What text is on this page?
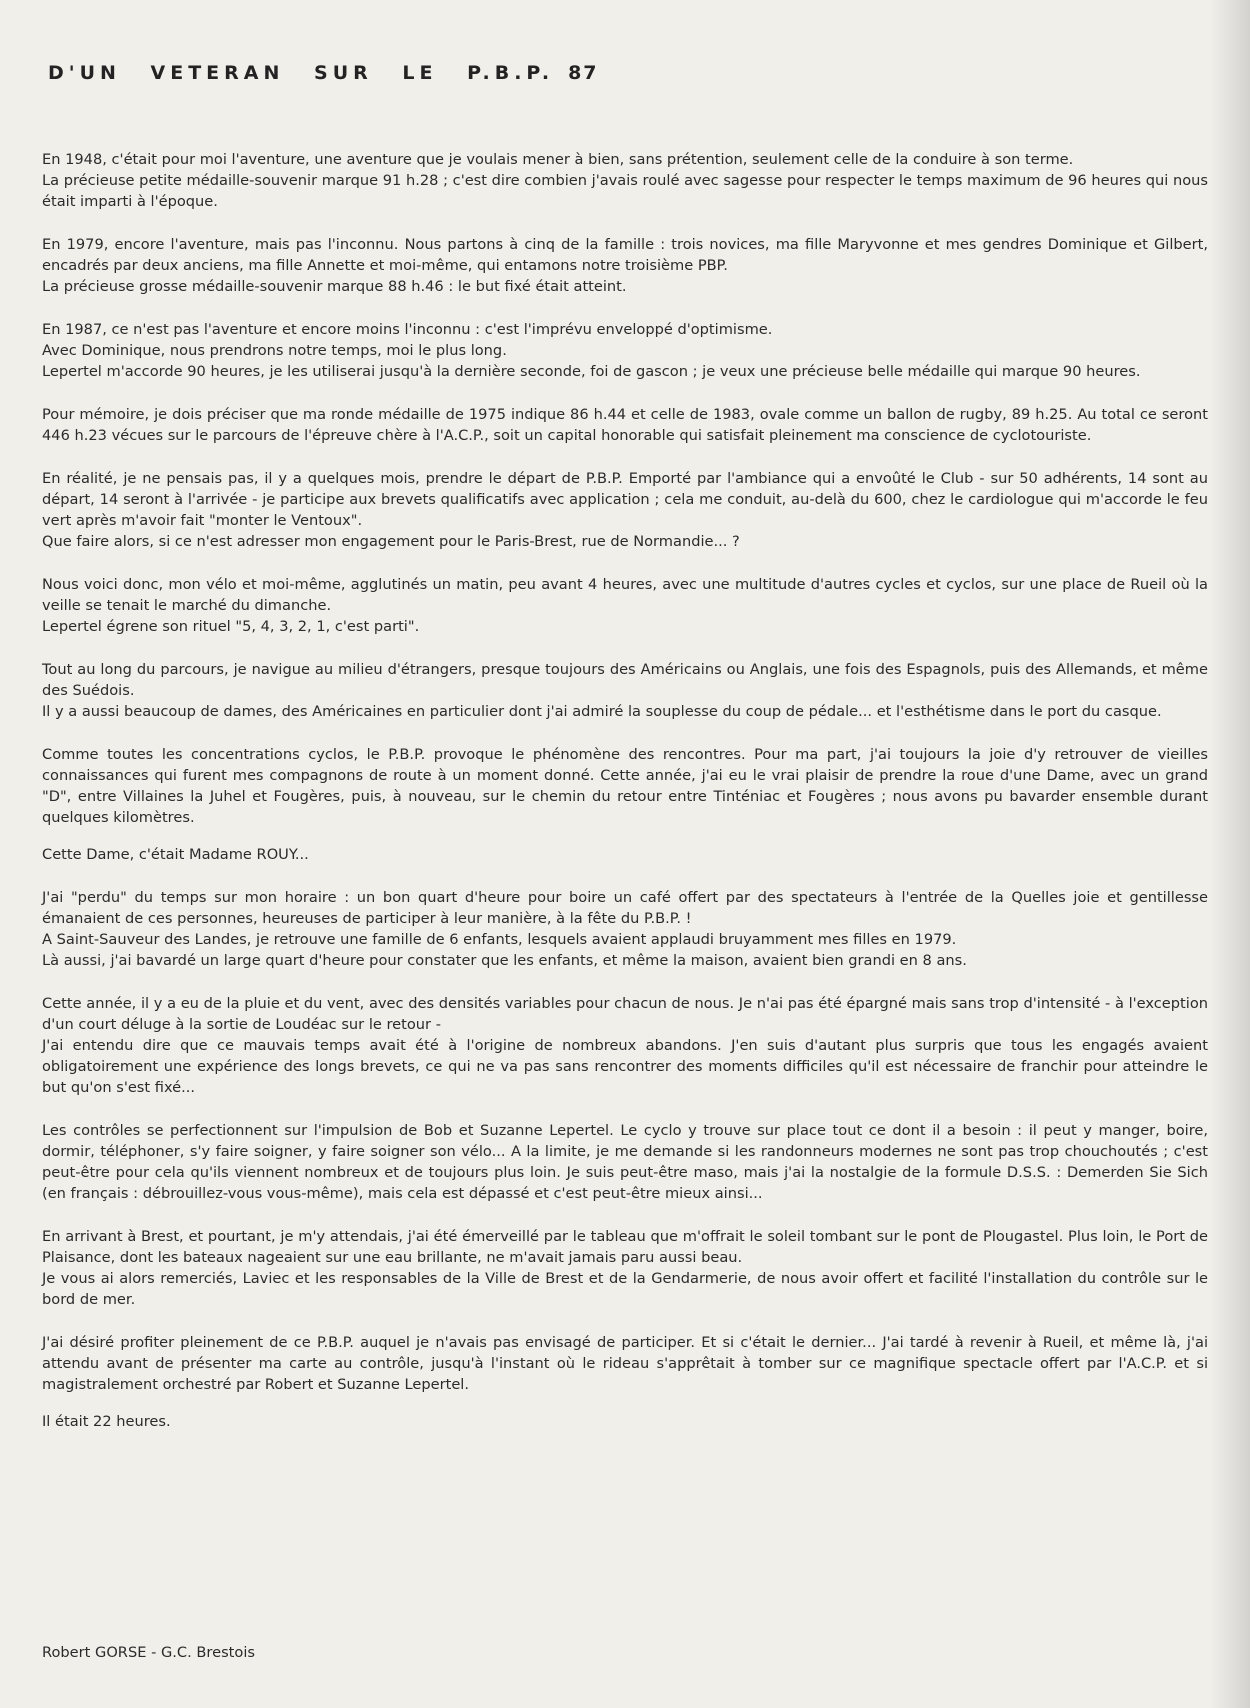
D'UN VETERAN SUR LE P.B.P. 87
En 1948, c'était pour moi l'aventure, une aventure que je voulais mener à bien, sans prétention, seulement celle de la conduire à son terme.
La précieuse petite médaille-souvenir marque 91 h.28 ; c'est dire combien j'avais roulé avec sagesse pour respecter le temps maximum de 96 heures qui nous était imparti à l'époque.
En 1979, encore l'aventure, mais pas l'inconnu. Nous partons à cinq de la famille : trois novices, ma fille Maryvonne et mes gendres Dominique et Gilbert, encadrés par deux anciens, ma fille Annette et moi-même, qui entamons notre troisième PBP.
La précieuse grosse médaille-souvenir marque 88 h.46 : le but fixé était atteint.
En 1987, ce n'est pas l'aventure et encore moins l'inconnu : c'est l'imprévu enveloppé d'optimisme.
Avec Dominique, nous prendrons notre temps, moi le plus long.
Lepertel m'accorde 90 heures, je les utiliserai jusqu'à la dernière seconde, foi de gascon ; je veux une précieuse belle médaille qui marque 90 heures.
Pour mémoire, je dois préciser que ma ronde médaille de 1975 indique 86 h.44 et celle de 1983, ovale comme un ballon de rugby, 89 h.25. Au total ce seront 446 h.23 vécues sur le parcours de l'épreuve chère à l'A.C.P., soit un capital honorable qui satisfait pleinement ma conscience de cyclotouriste.
En réalité, je ne pensais pas, il y a quelques mois, prendre le départ de P.B.P. Emporté par l'ambiance qui a envoûté le Club - sur 50 adhérents, 14 sont au départ, 14 seront à l'arrivée - je participe aux brevets qualificatifs avec application ; cela me conduit, au-delà du 600, chez le cardiologue qui m'accorde le feu vert après m'avoir fait "monter le Ventoux".
Que faire alors, si ce n'est adresser mon engagement pour le Paris-Brest, rue de Normandie... ?
Nous voici donc, mon vélo et moi-même, agglutinés un matin, peu avant 4 heures, avec une multitude d'autres cycles et cyclos, sur une place de Rueil où la veille se tenait le marché du dimanche.
Lepertel égrene son rituel "5, 4, 3, 2, 1, c'est parti".
Tout au long du parcours, je navigue au milieu d'étrangers, presque toujours des Américains ou Anglais, une fois des Espagnols, puis des Allemands, et même des Suédois.
Il y a aussi beaucoup de dames, des Américaines en particulier dont j'ai admiré la souplesse du coup de pédale... et l'esthétisme dans le port du casque.
Comme toutes les concentrations cyclos, le P.B.P. provoque le phénomène des rencontres. Pour ma part, j'ai toujours la joie d'y retrouver de vieilles connaissances qui furent mes compagnons de route à un moment donné. Cette année, j'ai eu le vrai plaisir de prendre la roue d'une Dame, avec un grand "D", entre Villaines la Juhel et Fougères, puis, à nouveau, sur le chemin du retour entre Tinténiac et Fougères ; nous avons pu bavarder ensemble durant quelques kilomètres.
Cette Dame, c'était Madame ROUY...
J'ai "perdu" du temps sur mon horaire : un bon quart d'heure pour boire un café offert par des spectateurs à l'entrée de la Quelles joie et gentillesse émanaient de ces personnes, heureuses de participer à leur manière, à la fête du P.B.P. !
A Saint-Sauveur des Landes, je retrouve une famille de 6 enfants, lesquels avaient applaudi bruyamment mes filles en 1979.
Là aussi, j'ai bavardé un large quart d'heure pour constater que les enfants, et même la maison, avaient bien grandi en 8 ans.
Cette année, il y a eu de la pluie et du vent, avec des densités variables pour chacun de nous. Je n'ai pas été épargné mais sans trop d'intensité - à l'exception d'un court déluge à la sortie de Loudéac sur le retour -
J'ai entendu dire que ce mauvais temps avait été à l'origine de nombreux abandons. J'en suis d'autant plus surpris que tous les engagés avaient obligatoirement une expérience des longs brevets, ce qui ne va pas sans rencontrer des moments difficiles qu'il est nécessaire de franchir pour atteindre le but qu'on s'est fixé...
Les contrôles se perfectionnent sur l'impulsion de Bob et Suzanne Lepertel. Le cyclo y trouve sur place tout ce dont il a besoin : il peut y manger, boire, dormir, téléphoner, s'y faire soigner, y faire soigner son vélo... A la limite, je me demande si les randonneurs modernes ne sont pas trop chouchoutés ; c'est peut-être pour cela qu'ils viennent nombreux et de toujours plus loin. Je suis peut-être maso, mais j'ai la nostalgie de la formule D.S.S. : Demerden Sie Sich (en français : débrouillez-vous vous-même), mais cela est dépassé et c'est peut-être mieux ainsi...
En arrivant à Brest, et pourtant, je m'y attendais, j'ai été émerveillé par le tableau que m'offrait le soleil tombant sur le pont de Plougastel. Plus loin, le Port de Plaisance, dont les bateaux nageaient sur une eau brillante, ne m'avait jamais paru aussi beau.
Je vous ai alors remerciés, Laviec et les responsables de la Ville de Brest et de la Gendarmerie, de nous avoir offert et facilité l'installation du contrôle sur le bord de mer.
J'ai désiré profiter pleinement de ce P.B.P. auquel je n'avais pas envisagé de participer. Et si c'était le dernier... J'ai tardé à revenir à Rueil, et même là, j'ai attendu avant de présenter ma carte au contrôle, jusqu'à l'instant où le rideau s'apprêtait à tomber sur ce magnifique spectacle offert par l'A.C.P. et si magistralement orchestré par Robert et Suzanne Lepertel.
Il était 22 heures.
Robert GORSE - G.C. Brestois
